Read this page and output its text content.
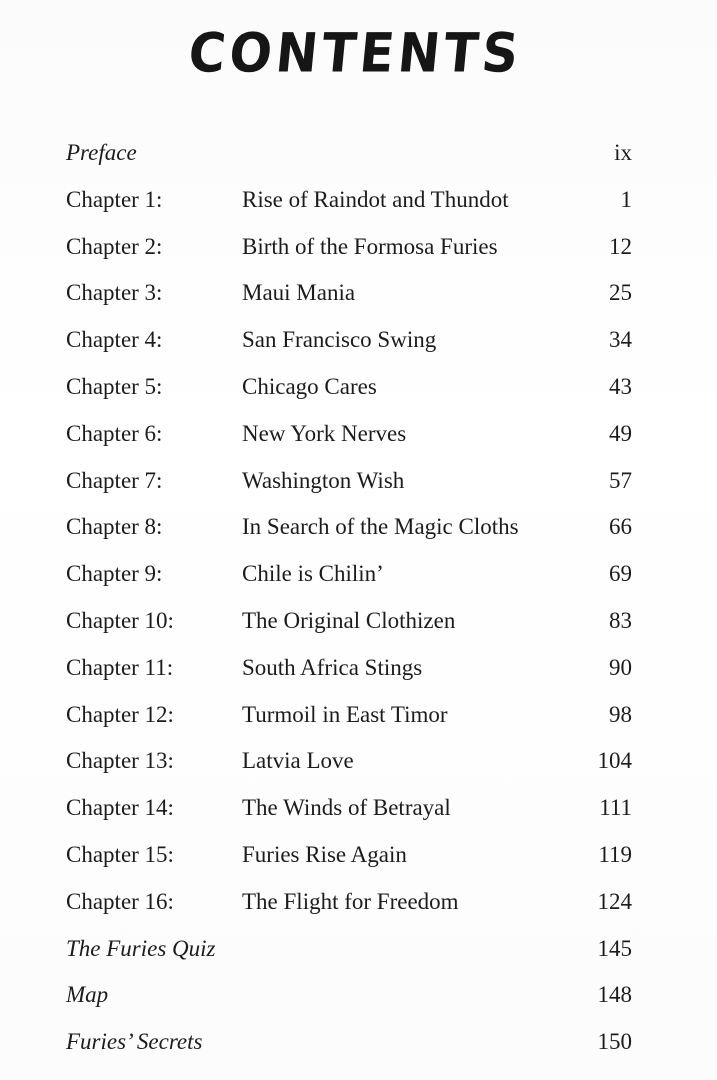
CONTENTS
Preface	ix
Chapter 1:	Rise of Raindot and Thundot	1
Chapter 2:	Birth of the Formosa Furies	12
Chapter 3:	Maui Mania	25
Chapter 4:	San Francisco Swing	34
Chapter 5:	Chicago Cares	43
Chapter 6:	New York Nerves	49
Chapter 7:	Washington Wish	57
Chapter 8:	In Search of the Magic Cloths	66
Chapter 9:	Chile is Chilin’	69
Chapter 10:	The Original Clothizen	83
Chapter 11:	South Africa Stings	90
Chapter 12:	Turmoil in East Timor	98
Chapter 13:	Latvia Love	104
Chapter 14:	The Winds of Betrayal	111
Chapter 15:	Furies Rise Again	119
Chapter 16:	The Flight for Freedom	124
The Furies Quiz	145
Map	148
Furies’ Secrets	150
